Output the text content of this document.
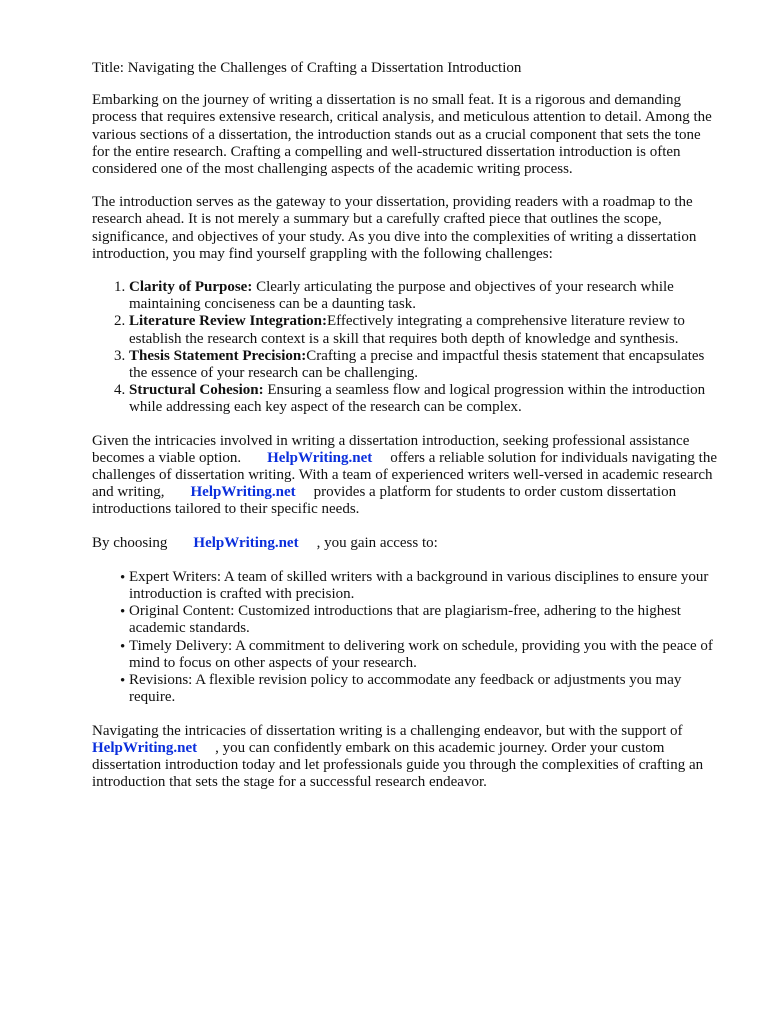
Title: Navigating the Challenges of Crafting a Dissertation Introduction

Embarking on the journey of writing a dissertation is no small feat. It is a rigorous and demanding process that requires extensive research, critical analysis, and meticulous attention to detail. Among the various sections of a dissertation, the introduction stands out as a crucial component that sets the tone for the entire research. Crafting a compelling and well-structured dissertation introduction is often considered one of the most challenging aspects of the academic writing process.

The introduction serves as the gateway to your dissertation, providing readers with a roadmap to the research ahead. It is not merely a summary but a carefully crafted piece that outlines the scope, significance, and objectives of your study. As you dive into the complexities of writing a dissertation introduction, you may find yourself grappling with the following challenges:

1. Clarity of Purpose: Clearly articulating the purpose and objectives of your research while maintaining conciseness can be a daunting task.
2. Literature Review Integration:Effectively integrating a comprehensive literature review to establish the research context is a skill that requires both depth of knowledge and synthesis.
3. Thesis Statement Precision:Crafting a precise and impactful thesis statement that encapsulates the essence of your research can be challenging.
4. Structural Cohesion: Ensuring a seamless flow and logical progression within the introduction while addressing each key aspect of the research can be complex.

Given the intricacies involved in writing a dissertation introduction, seeking professional assistance becomes a viable option. HelpWriting.net offers a reliable solution for individuals navigating the challenges of dissertation writing. With a team of experienced writers well-versed in academic research and writing, HelpWriting.net provides a platform for students to order custom dissertation introductions tailored to their specific needs.

By choosing HelpWriting.net , you gain access to:

• Expert Writers: A team of skilled writers with a background in various disciplines to ensure your introduction is crafted with precision.
• Original Content: Customized introductions that are plagiarism-free, adhering to the highest academic standards.
• Timely Delivery: A commitment to delivering work on schedule, providing you with the peace of mind to focus on other aspects of your research.
• Revisions: A flexible revision policy to accommodate any feedback or adjustments you may require.

Navigating the intricacies of dissertation writing is a challenging endeavor, but with the support of HelpWriting.net , you can confidently embark on this academic journey. Order your custom dissertation introduction today and let professionals guide you through the complexities of crafting an introduction that sets the stage for a successful research endeavor.
